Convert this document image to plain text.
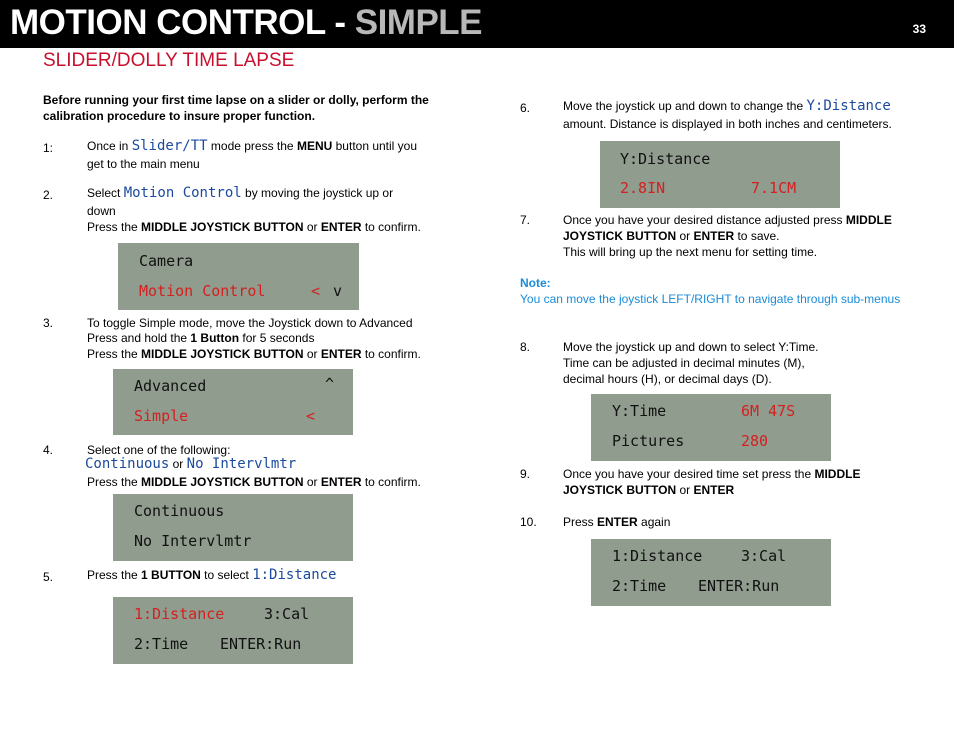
MOTION CONTROL - SIMPLE	33
SLIDER/DOLLY TIME LAPSE
Before running your first time lapse on a slider or dolly, perform the
calibration procedure to insure proper function.
1:	Once in Slider/TT mode press the MENU button until you
get to the main menu
2.	Select Motion Control by moving the joystick up or
down
Press the MIDDLE JOYSTICK BUTTON or ENTER to confirm.
Camera
Motion Control	< v
3.	To toggle Simple mode, move the Joystick down to Advanced
Press and hold the 1 Button for 5 seconds
Press the MIDDLE JOYSTICK BUTTON or ENTER to confirm.
Advanced	^
Simple	<
4.	Select one of the following:
Continuous or No Intervlmtr
Press the MIDDLE JOYSTICK BUTTON or ENTER to confirm.
Continuous
No Intervlmtr
5.	Press the 1 BUTTON to select 1:Distance
1:Distance	3:Cal
2:Time ENTER:Run
6.	Move the joystick up and down to change the Y:Distance
amount. Distance is displayed in both inches and centimeters.
Y:Distance
2.8IN	7.1CM
7.	Once you have your desired distance adjusted press MIDDLE
JOYSTICK BUTTON or ENTER to save.
This will bring up the next menu for setting time.
Note:
You can move the joystick LEFT/RIGHT to navigate through sub-menus
8.	Move the joystick up and down to select Y:Time.
Time can be adjusted in decimal minutes (M),
decimal hours (H), or decimal days (D).
Y:Time	6M 47S
Pictures	280
9.	Once you have your desired time set press the MIDDLE
JOYSTICK BUTTON or ENTER
10. Press ENTER again
1:Distance	3:Cal
2:Time ENTER:Run
